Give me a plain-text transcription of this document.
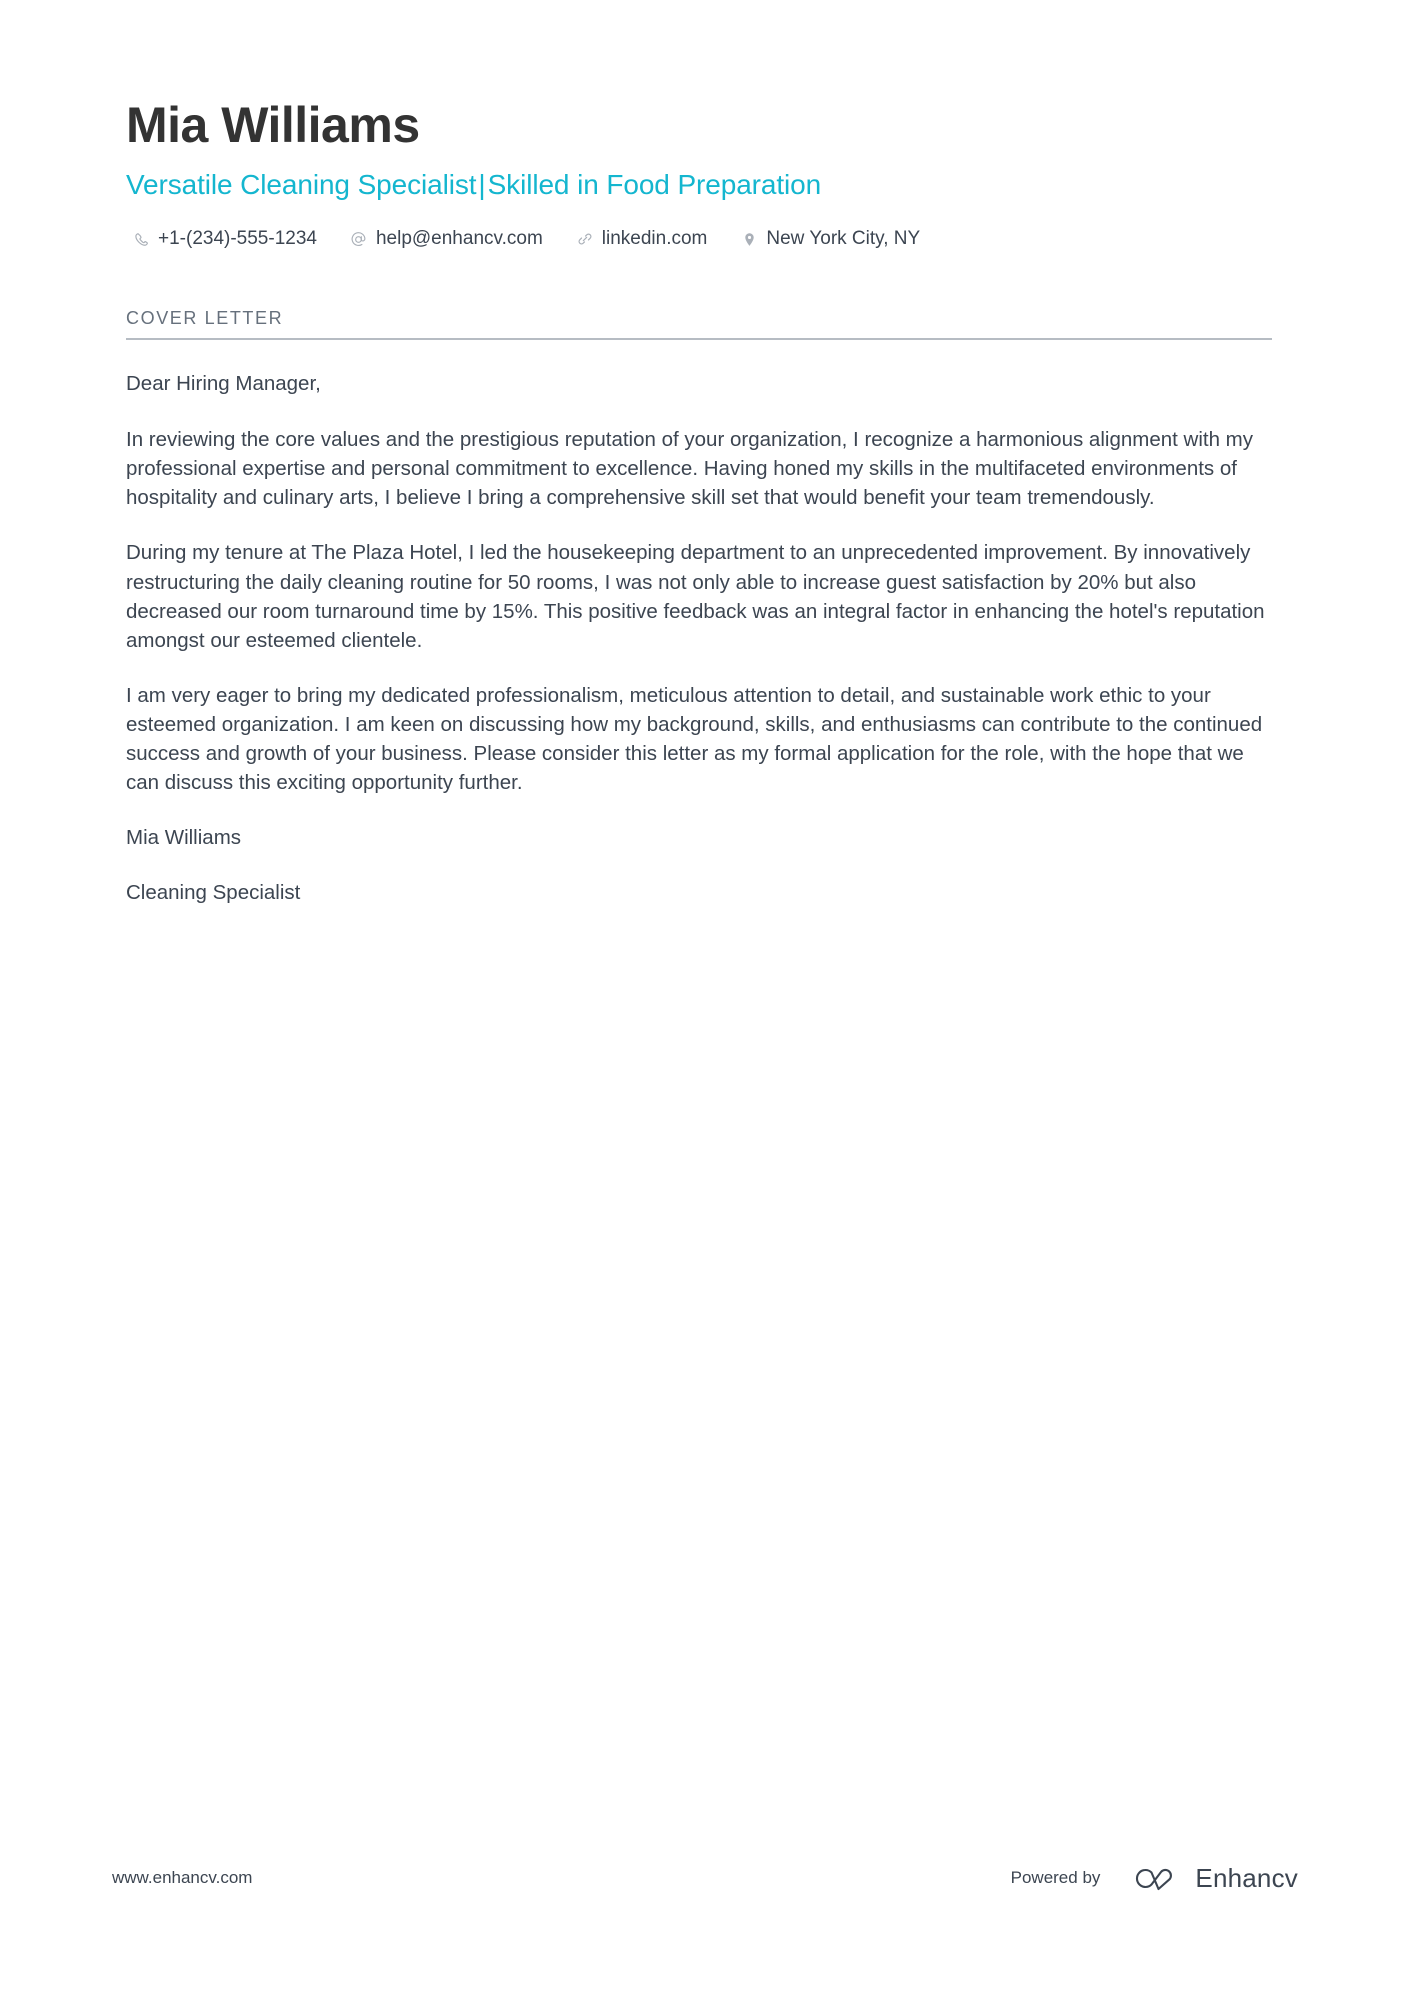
Mia Williams
Versatile Cleaning Specialist|Skilled in Food Preparation
+1-(234)-555-1234	help@enhancv.com	linkedin.com	New York City, NY
COVER LETTER

Dear Hiring Manager,

In reviewing the core values and the prestigious reputation of your organization, I recognize a harmonious alignment with my professional expertise and personal commitment to excellence. Having honed my skills in the multifaceted environments of hospitality and culinary arts, I believe I bring a comprehensive skill set that would benefit your team tremendously.

During my tenure at The Plaza Hotel, I led the housekeeping department to an unprecedented improvement. By innovatively restructuring the daily cleaning routine for 50 rooms, I was not only able to increase guest satisfaction by 20% but also decreased our room turnaround time by 15%. This positive feedback was an integral factor in enhancing the hotel's reputation amongst our esteemed clientele.

I am very eager to bring my dedicated professionalism, meticulous attention to detail, and sustainable work ethic to your esteemed organization. I am keen on discussing how my background, skills, and enthusiasms can contribute to the continued success and growth of your business. Please consider this letter as my formal application for the role, with the hope that we can discuss this exciting opportunity further.

Mia Williams

Cleaning Specialist

www.enhancv.com	Powered by	Enhancv
